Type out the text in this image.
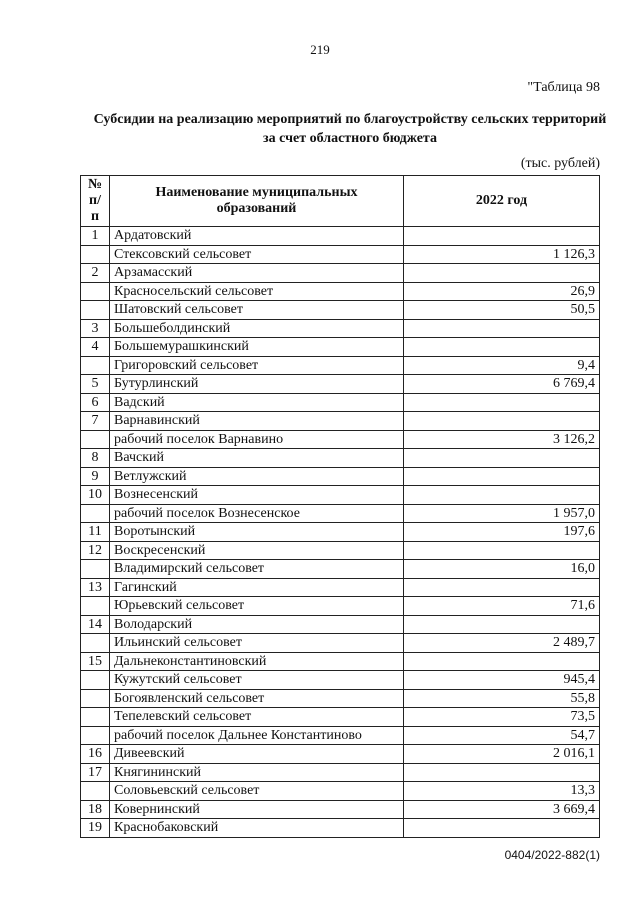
219
"Таблица 98
Субсидии на реализацию мероприятий по благоустройству сельских территорий за счет областного бюджета
(тыс. рублей)
№ п/п	Наименование муниципальных образований	2022 год
1	Ардатовский	
	Стексовский сельсовет	1 126,3
2	Арзамасский	
	Красносельский сельсовет	26,9
	Шатовский сельсовет	50,5
3	Большеболдинский	
4	Большемурашкинский	
	Григоровский сельсовет	9,4
5	Бутурлинский	6 769,4
6	Вадский	
7	Варнавинский	
	рабочий поселок Варнавино	3 126,2
8	Вачский	
9	Ветлужский	
10	Вознесенский	
	рабочий поселок Вознесенское	1 957,0
11	Воротынский	197,6
12	Воскресенский	
	Владимирский сельсовет	16,0
13	Гагинский	
	Юрьевский сельсовет	71,6
14	Володарский	
	Ильинский сельсовет	2 489,7
15	Дальнеконстантиновский	
	Кужутский сельсовет	945,4
	Богоявленский сельсовет	55,8
	Тепелевский сельсовет	73,5
	рабочий поселок Дальнее Константиново	54,7
16	Дивеевский	2 016,1
17	Княгининский	
	Соловьевский сельсовет	13,3
18	Ковернинский	3 669,4
19	Краснобаковский	
0404/2022-882(1)
